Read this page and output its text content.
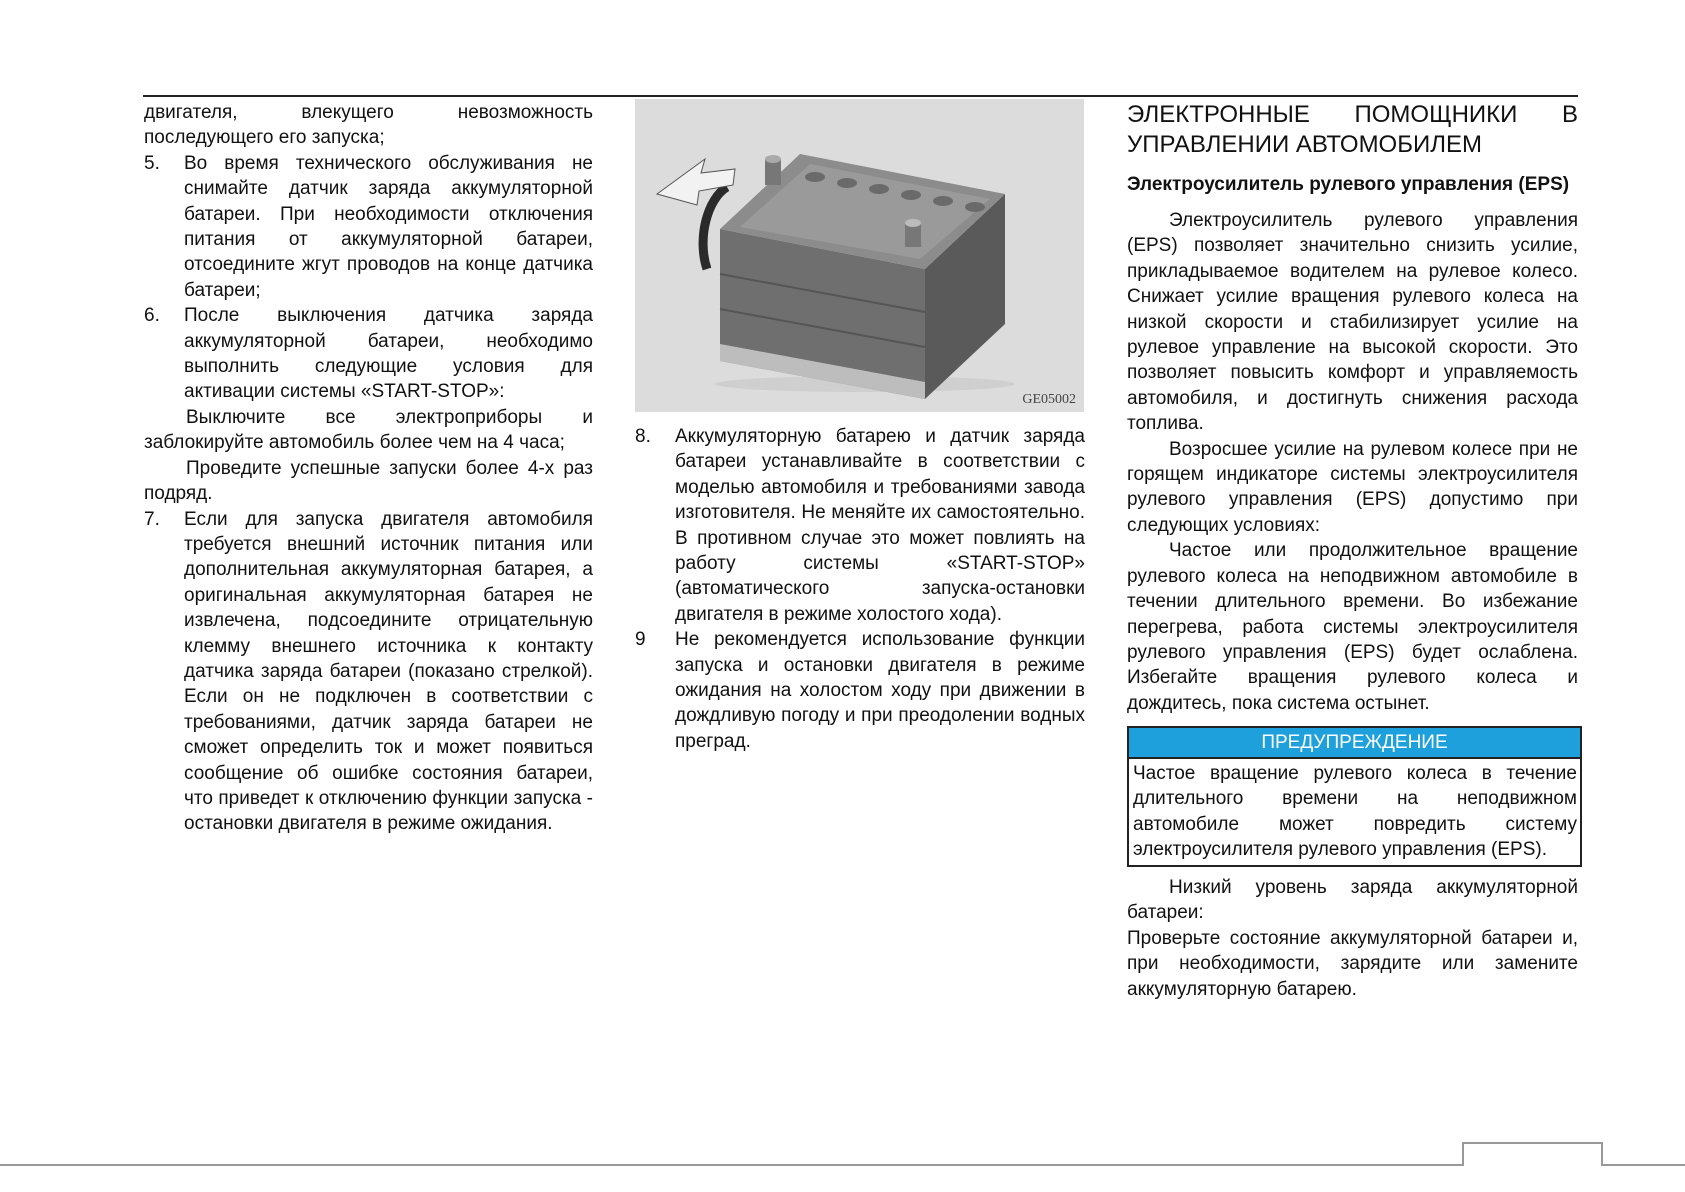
двигателя, влекущего невозможность последующего его запуска;

5.	Во время технического обслуживания не снимайте датчик заряда аккумуляторной батареи. При необходимости отключения питания от аккумуляторной батареи, отсоедините жгут проводов на конце датчика батареи;
6.	После выключения датчика заряда аккумуляторной батареи, необходимо выполнить следующие условия для активации системы «START-STOP»:

Выключите все электроприборы и заблокируйте автомобиль более чем на 4 часа;

Проведите успешные запуски более 4-х раз подряд.

7.	Если для запуска двигателя автомобиля требуется внешний источник питания или дополнительная аккумуляторная батарея, а оригинальная аккумуляторная батарея не извлечена, подсоедините отрицательную клемму внешнего источника к контакту датчика заряда батареи (показано стрелкой). Если он не подключен в соответствии с требованиями, датчик заряда батареи не сможет определить ток и может появиться сообщение об ошибке состояния батареи, что приведет к отключению функции запуска - остановки двигателя в режиме ожидания.
GE05002
8.	Аккумуляторную батарею и датчик заряда батареи устанавливайте в соответствии с моделью автомобиля и требованиями завода изготовителя. Не меняйте их самостоятельно. В противном случае это может повлиять на работу системы «START-STOP» (автоматического запуска-остановки двигателя в режиме холостого хода).
9	Не рекомендуется использование функции запуска и остановки двигателя в режиме ожидания на холостом ходу при движении в дождливую погоду и при преодолении водных преград.
ЭЛЕКТРОННЫЕ ПОМОЩНИКИ В УПРАВЛЕНИИ АВТОМОБИЛЕМ
Электроусилитель рулевого управления (EPS)

Электроусилитель рулевого управления (EPS) позволяет значительно снизить усилие, прикладываемое водителем на рулевое колесо. Снижает усилие вращения рулевого колеса на низкой скорости и стабилизирует усилие на рулевое управление на высокой скорости. Это позволяет повысить комфорт и управляемость автомобиля, и достигнуть снижения расхода топлива.

Возросшее усилие на рулевом колесе при не горящем индикаторе системы электроусилителя рулевого управления (EPS) допустимо при следующих условиях:

Частое или продолжительное вращение рулевого колеса на неподвижном автомобиле в течении длительного времени. Во избежание перегрева, работа системы электроусилителя рулевого управления (EPS) будет ослаблена. Избегайте вращения рулевого колеса и дождитесь, пока система остынет.

ПРЕДУПРЕЖДЕНИЕ
Частое вращение рулевого колеса в течение длительного времени на неподвижном автомобиле может повредить систему электроусилителя рулевого управления (EPS).

Низкий уровень заряда аккумуляторной батареи:

Проверьте состояние аккумуляторной батареи и, при необходимости, зарядите или замените аккумуляторную батарею.
